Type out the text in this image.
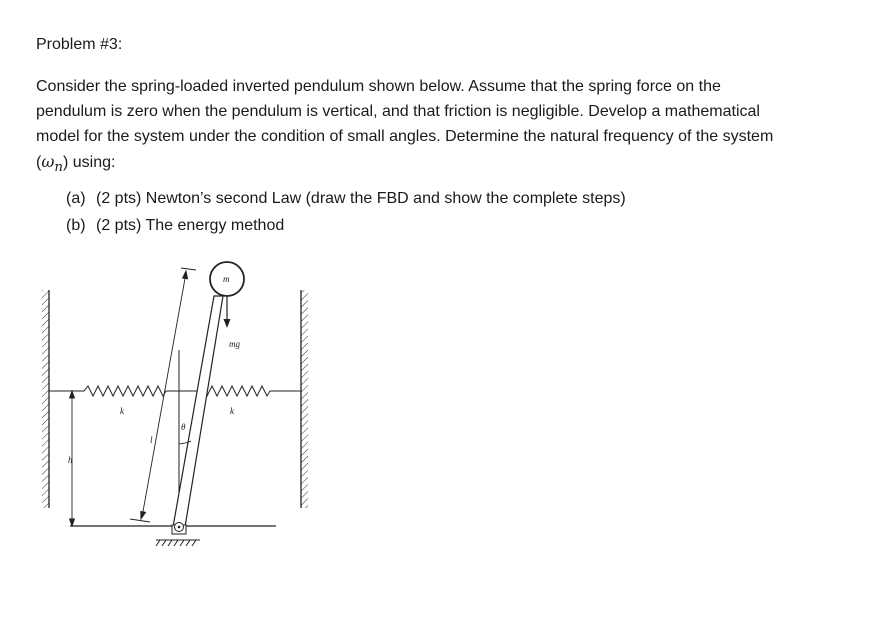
Problem #3:
Consider the spring-loaded inverted pendulum shown below. Assume that the spring force on the
pendulum is zero when the pendulum is vertical, and that friction is negligible. Develop a mathematical
model for the system under the condition of small angles. Determine the natural frequency of the system
$(\omega_n)$ using:
(a) (2 pts) Newton’s second Law (draw the FBD and show the complete steps)
(b) (2 pts) The energy method
h
k	k
l
θ
m
mg
